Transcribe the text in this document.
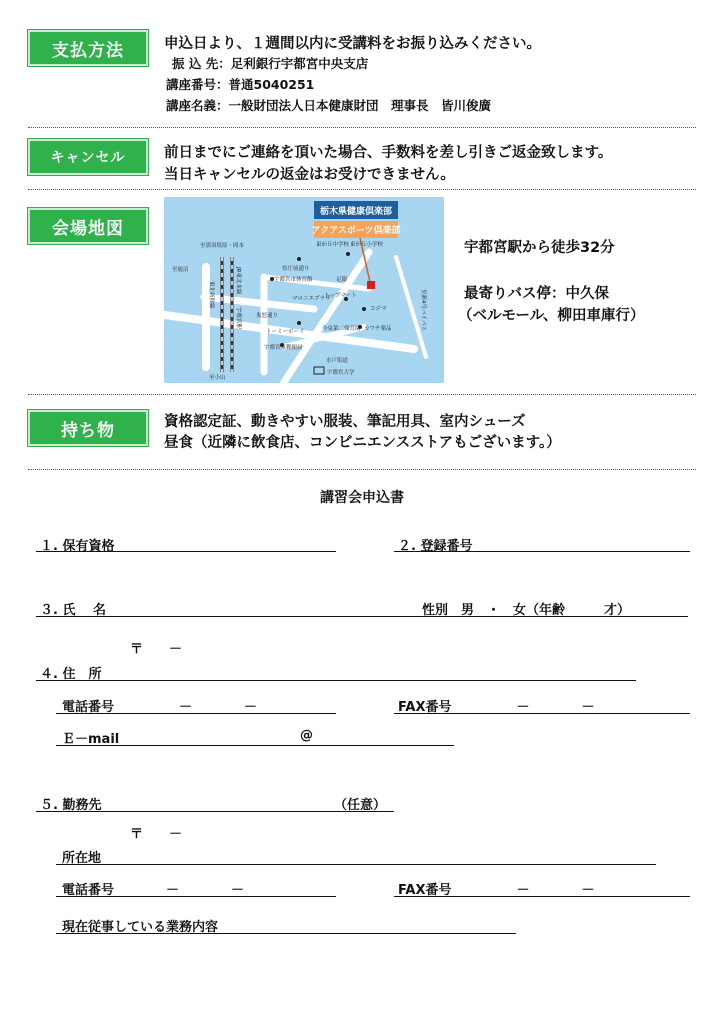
支払方法	申込日より、１週間以内に受講料をお振り込みください。
振 込 先：足利銀行宇都宮中央支店
講座番号：普通5040251
講座名義：一般財団法人日本健康財団　理事長　皆川俊廣
キャンセル	前日までにご連絡を頂いた場合、手数料を差し引きご返金致します。
当日キャンセルの返金はお受けできません。
会場地図
栃木県健康倶楽部
アクアスポーツ倶楽部
至那須塩原・岡本
至鹿沼
東北新幹線
JR東北本線
宇都宮駅
至小山
東が丘中学校 東が丘小学校
県庁前通り
宇都宮市体育館
マロニエプラザ
足銀
トップマート
コジマ
鬼怒通り	至新4号バイパス
今泉第二保育園 カワチ薬品
トーミーボーイ
宇都宮東郵便局
水戸街道
宇都宮大学
宇都宮駅から徒歩32分
最寄りバス停：中久保
（ベルモール、柳田車庫行）
持ち物	資格認定証、動きやすい服装、筆記用具、室内シューズ
昼食（近隣に飲食店、コンビニエンスストアもございます。）
講習会申込書
１. 保有資格	２. 登録番号
３. 氏　 名	性別　男　・　女（年齢　　　才）
〒　　－
４. 住　所
電話番号　　　　　－　　　　－	FAX番号　　　　　－　　　　－
Ｅ－mail	@
５. 勤務先	（任意）
〒　　－
所在地
電話番号　　　　－　　　　－	FAX番号　　　　　－　　　　－
現在従事している業務内容
